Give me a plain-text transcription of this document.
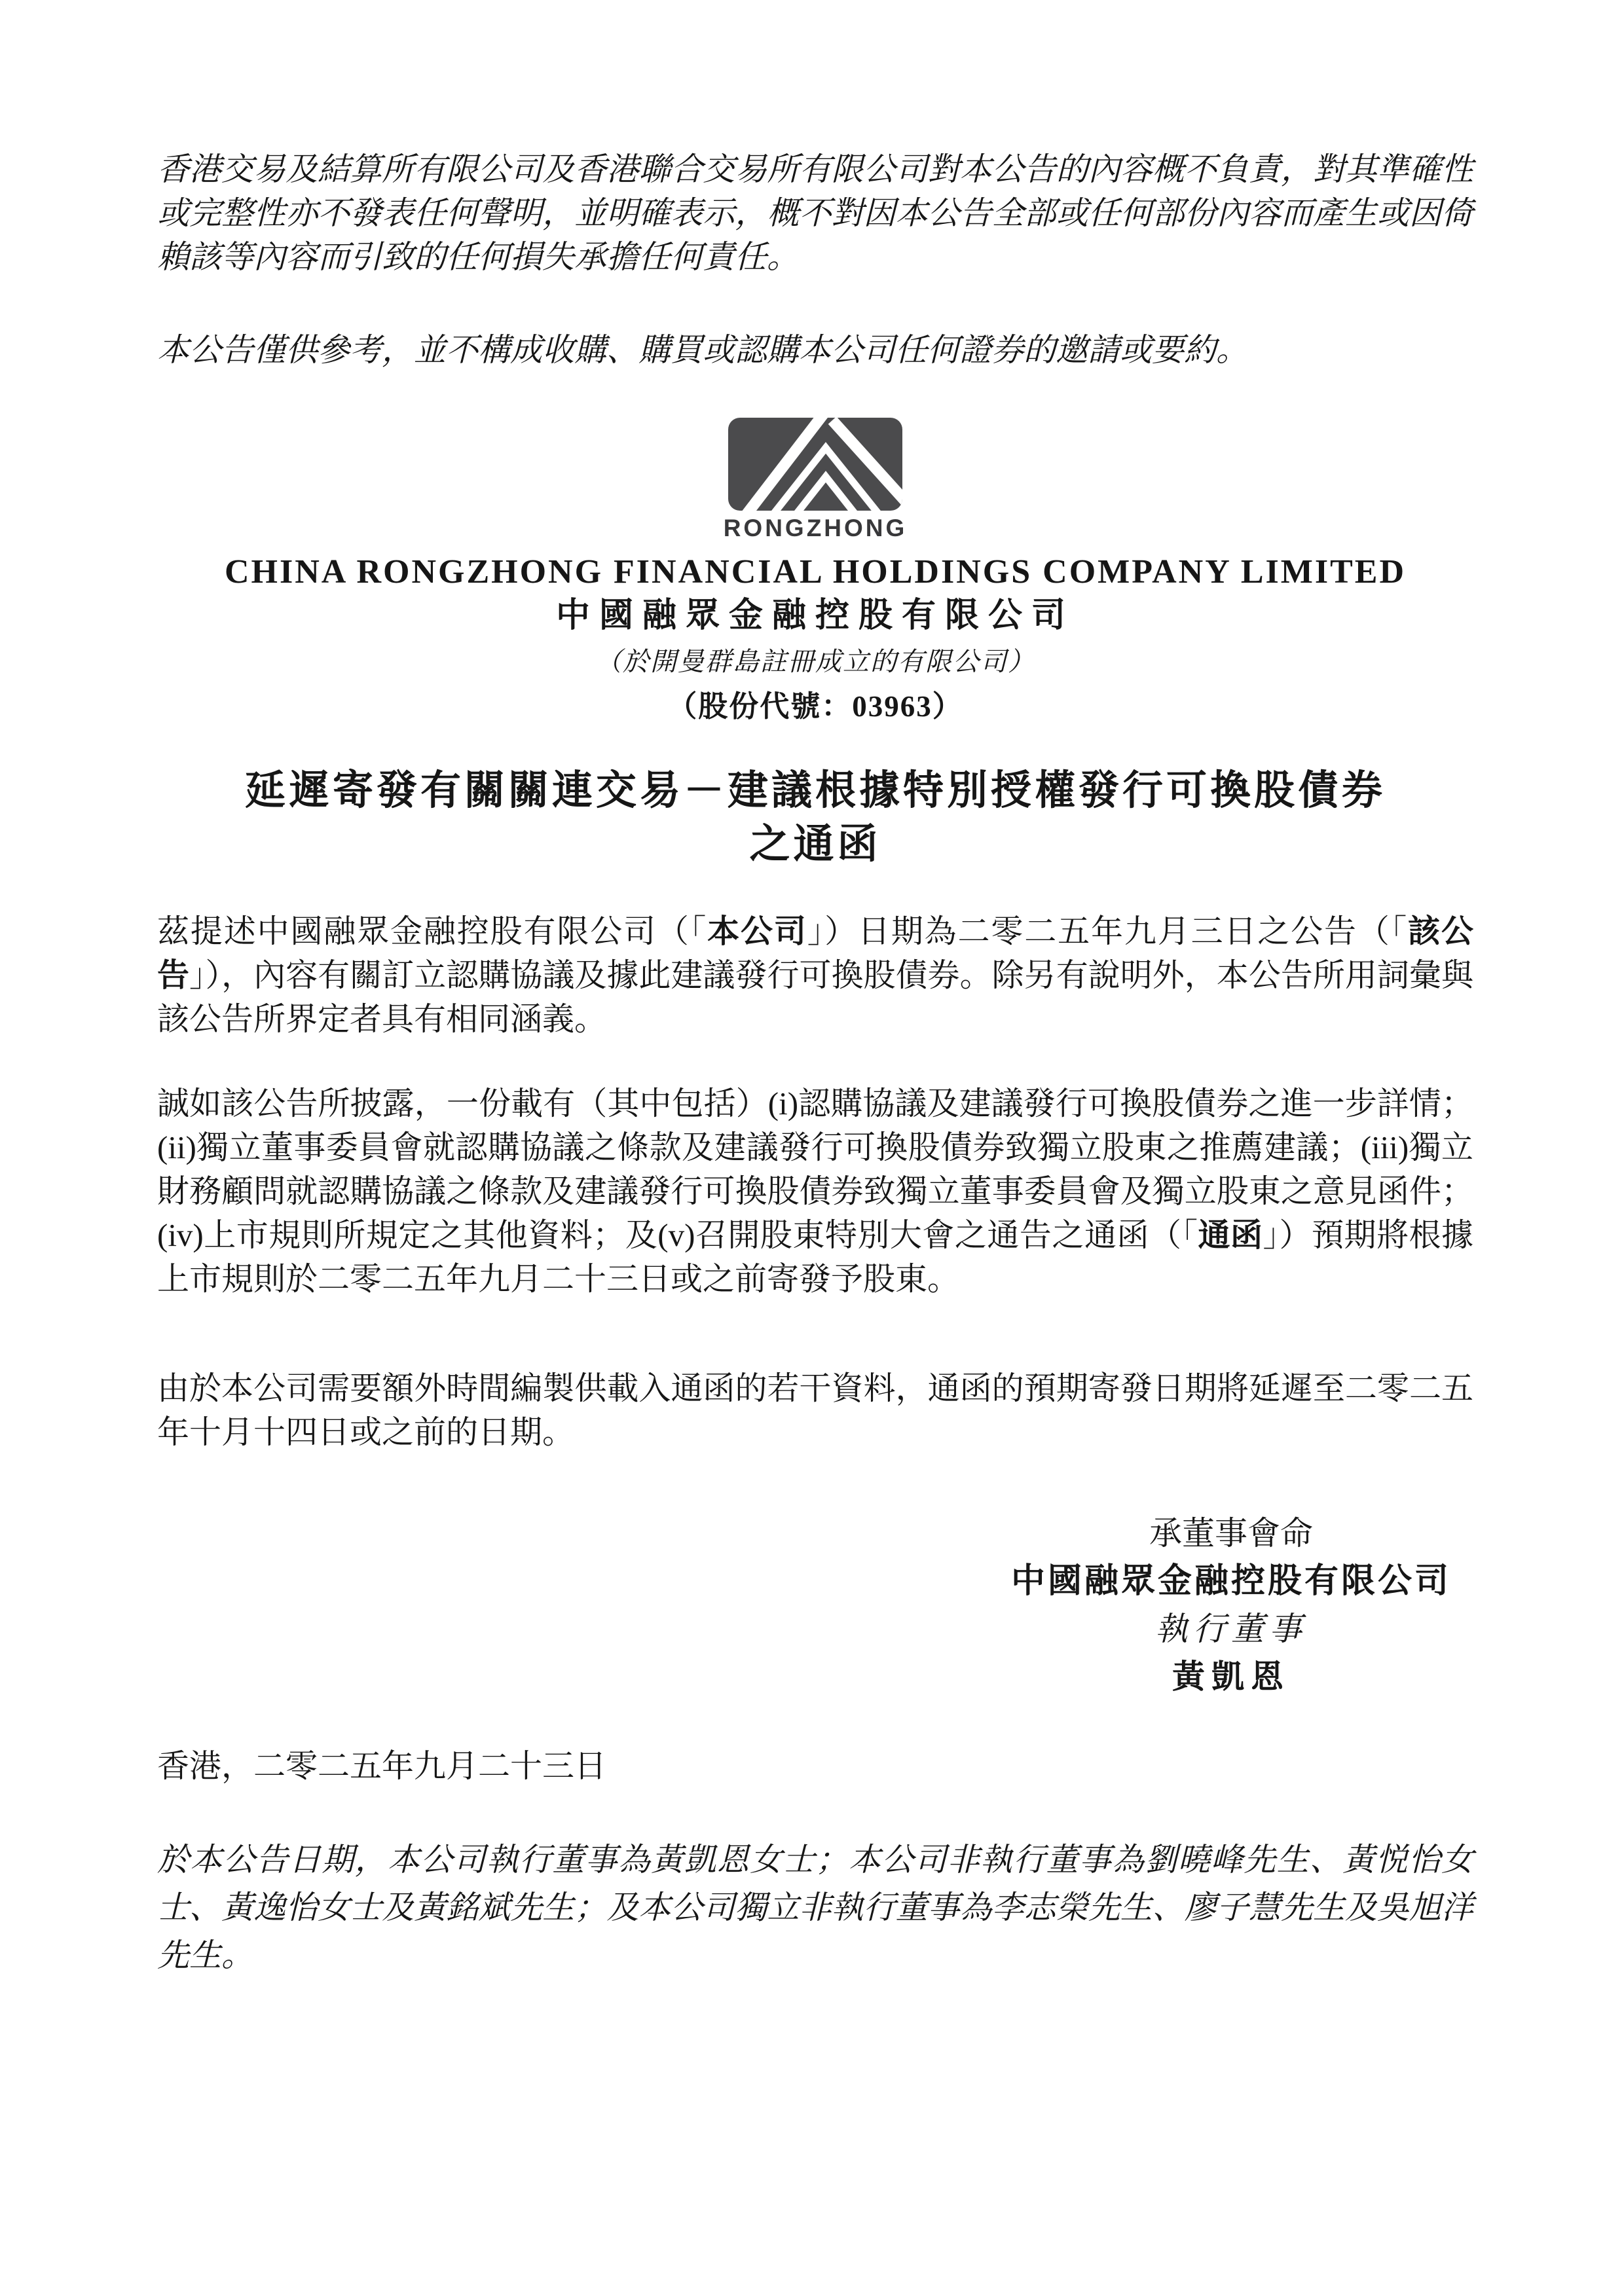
香港交易及結算所有限公司及香港聯合交易所有限公司對本公告的內容概不負責，對其準確性或完整性亦不發表任何聲明，並明確表示，概不對因本公告全部或任何部份內容而產生或因倚賴該等內容而引致的任何損失承擔任何責任。

本公告僅供參考，並不構成收購、購買或認購本公司任何證券的邀請或要約。

RONGZHONG
CHINA RONGZHONG FINANCIAL HOLDINGS COMPANY LIMITED
中國融眾金融控股有限公司
（於開曼群島註冊成立的有限公司）
（股份代號：03963）
延遲寄發有關關連交易－建議根據特別授權發行可換股債券
之通函

茲提述中國融眾金融控股有限公司（「本公司」）日期為二零二五年九月三日之公告（「該公告」），內容有關訂立認購協議及據此建議發行可換股債券。除另有說明外，本公告所用詞彙與該公告所界定者具有相同涵義。

誠如該公告所披露，一份載有（其中包括）(i)認購協議及建議發行可換股債券之進一步詳情；(ii)獨立董事委員會就認購協議之條款及建議發行可換股債券致獨立股東之推薦建議；(iii)獨立財務顧問就認購協議之條款及建議發行可換股債券致獨立董事委員會及獨立股東之意見函件；(iv)上市規則所規定之其他資料；及(v)召開股東特別大會之通告之通函（「通函」）預期將根據上市規則於二零二五年九月二十三日或之前寄發予股東。

由於本公司需要額外時間編製供載入通函的若干資料，通函的預期寄發日期將延遲至二零二五年十月十四日或之前的日期。

承董事會命
中國融眾金融控股有限公司
執行董事
黃凱恩

香港，二零二五年九月二十三日

於本公告日期，本公司執行董事為黃凱恩女士；本公司非執行董事為劉曉峰先生、黃悦怡女士、黃逸怡女士及黃銘斌先生；及本公司獨立非執行董事為李志榮先生、廖子慧先生及吳旭洋先生。
